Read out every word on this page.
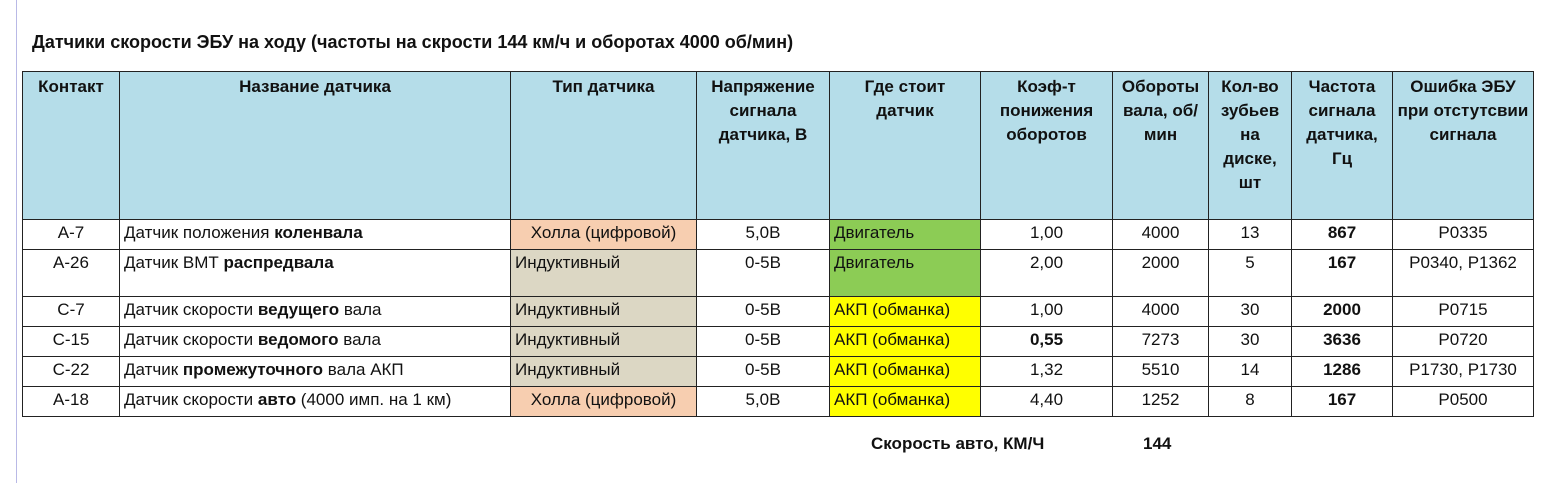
Датчики скорости ЭБУ на ходу (частоты на скрости 144 км/ч и оборотах 4000 об/мин)
Контакт	Название датчика	Тип датчика	Напряжение сигнала датчика, В	Где стоит датчик	Коэф-т понижения оборотов	Обороты вала, об/мин	Кол-во зубьев на диске, шт	Частота сигнала датчика, Гц	Ошибка ЭБУ при отстутсвии сигнала
А-7	Датчик положения коленвала	Холла (цифровой)	5,0В	Двигатель	1,00	4000	13	867	P0335
А-26	Датчик ВМТ распредвала	Индуктивный	0-5В	Двигатель	2,00	2000	5	167	P0340, P1362
С-7	Датчик скорости ведущего вала	Индуктивный	0-5В	АКП (обманка)	1,00	4000	30	2000	P0715
С-15	Датчик скорости ведомого вала	Индуктивный	0-5В	АКП (обманка)	0,55	7273	30	3636	P0720
С-22	Датчик промежуточного вала АКП	Индуктивный	0-5В	АКП (обманка)	1,32	5510	14	1286	P1730, P1730
А-18	Датчик скорости авто (4000 имп. на 1 км)	Холла (цифровой)	5,0В	АКП (обманка)	4,40	1252	8	167	P0500
Скорость авто, КМ/Ч	144
